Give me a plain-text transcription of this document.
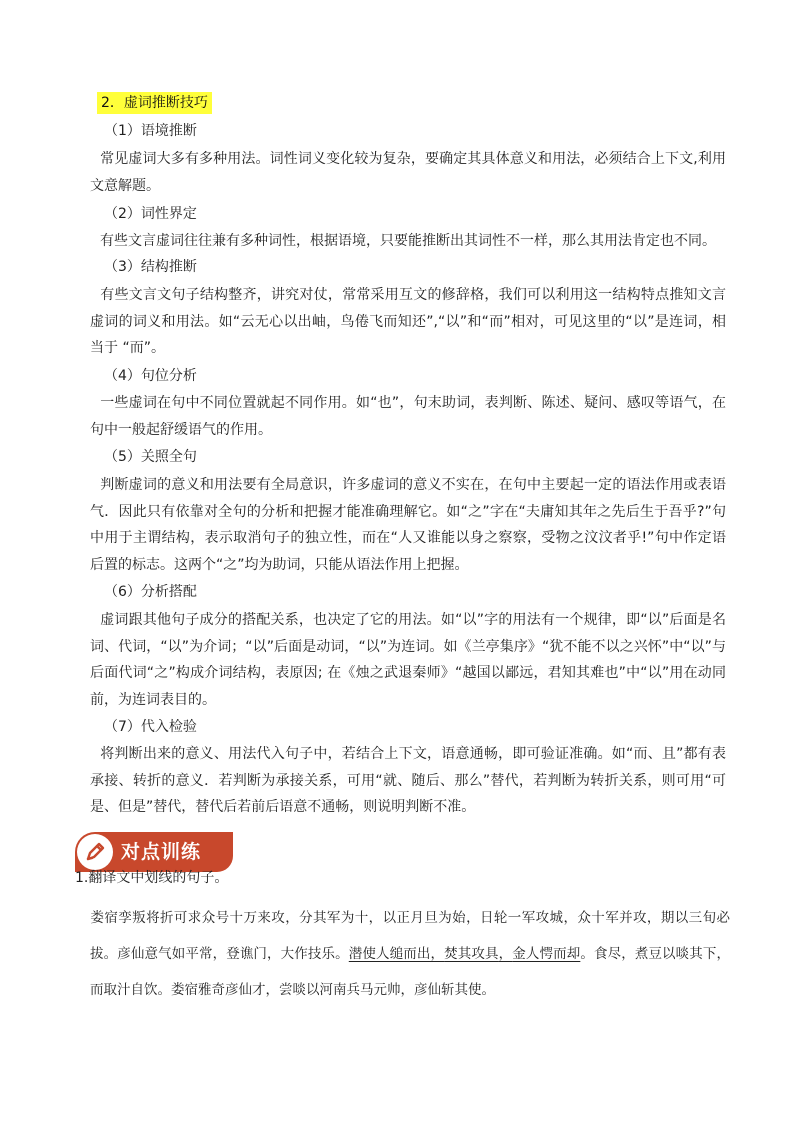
2．虚词推断技巧
（1）语境推断

常见虚词大多有多种用法。词性词义变化较为复杂，要确定其具体意义和用法，必须结合上下文,利用文意解题。

（2）词性界定

有些文言虚词往往兼有多种词性，根据语境，只要能推断出其词性不一样，那么其用法肯定也不同。

（3）结构推断

有些文言文句子结构整齐，讲究对仗，常常采用互文的修辞格，我们可以利用这一结构特点推知文言虚词的词义和用法。如“云无心以出岫，鸟倦飞而知还”,“以”和“而”相对，可见这里的“以”是连词，相当于 “而”。

（4）句位分析

一些虚词在句中不同位置就起不同作用。如“也”，句末助词，表判断、陈述、疑问、感叹等语气，在句中一般起舒缓语气的作用。

（5）关照全句

判断虚词的意义和用法要有全局意识，许多虚词的意义不实在，在句中主要起一定的语法作用或表语气．因此只有依靠对全句的分析和把握才能准确理解它。如“之”字在“夫庸知其年之先后生于吾乎?”句中用于主谓结构，表示取消句子的独立性，而在“人又谁能以身之察察，受物之汶汶者乎!”句中作定语后置的标志。这两个“之”均为助词，只能从语法作用上把握。

（6）分析搭配

虚词跟其他句子成分的搭配关系，也决定了它的用法。如“以”字的用法有一个规律，即“以”后面是名词、代词，“以”为介词；“以”后面是动词，“以”为连词。如《兰亭集序》“犹不能不以之兴怀”中“以”与后面代词“之”构成介词结构，表原因; 在《烛之武退秦师》“越国以鄙远，君知其难也”中“以”用在动同前，为连词表目的。

（7）代入检验

将判断出来的意义、用法代入句子中，若结合上下文，语意通畅，即可验证准确。如“而、且”都有表承接、转折的意义．若判断为承接关系，可用“就、随后、那么”替代，若判断为转折关系，则可用“可是、但是”替代，替代后若前后语意不通畅，则说明判断不准。

对点训练
1.翻译文中划线的句子。

娄宿孪叛将折可求众号十万来攻，分其军为十，以正月旦为始，日轮一军攻城，众十军并攻，期以三旬必拔。彦仙意气如平常，登谯门，大作技乐。潜使人缒而出，焚其攻具，金人愕而却。食尽，煮豆以啖其下，而取汁自饮。娄宿雅奇彦仙才，尝啖以河南兵马元帅，彦仙斩其使。
